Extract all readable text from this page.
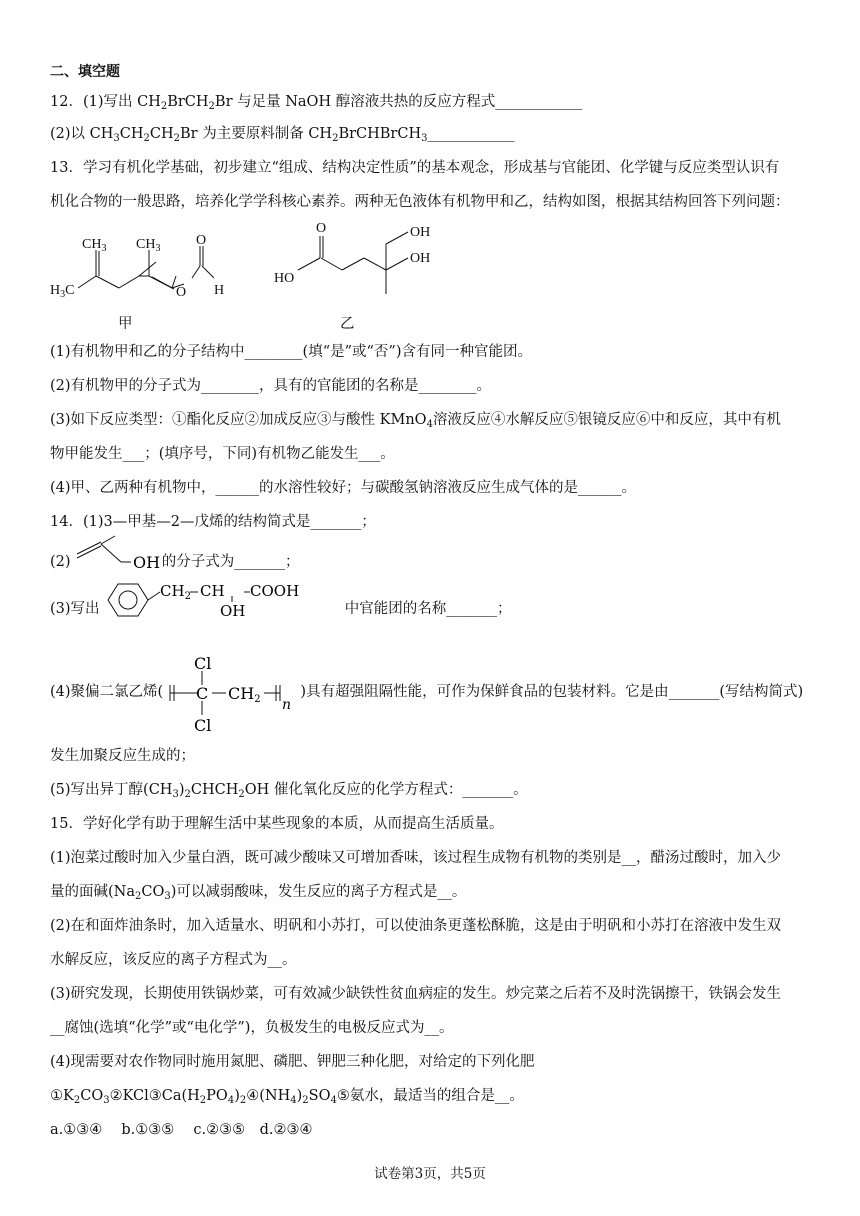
二、填空题
12．(1)写出 $CH_2BrCH_2Br$ 与足量 NaOH 醇溶液共热的反应方程式____________
(2)以 $CH_3CH_2CH_2Br$ 为主要原料制备 $CH_2BrCHBrCH_3\_\_\_\_\_\_\_\_\_\_\_\_$
13．学习有机化学基础，初步建立“组成、结构决定性质”的基本观念，形成基与官能团、化学键与反应类型认识有
机化合物的一般思路，培养化学学科核心素养。两种无色液体有机物甲和乙，结构如图，根据其结构回答下列问题：
$CH_3$ $CH_3$
$H_3C$	O
O
H
甲
O
HO
OH
OH
乙
(1)有机物甲和乙的分子结构中________(填“是”或“否”)含有同一种官能团。
(2)有机物甲的分子式为________，具有的官能团的名称是________。
(3)如下反应类型：①酯化反应②加成反应③与酸性 KMnO$_4$溶液反应④水解反应⑤银镜反应⑥中和反应，其中有机
物甲能发生___；(填序号，下同)有机物乙能发生___。
(4)甲、乙两种有机物中，______的水溶性较好；与碳酸氢钠溶液反应生成气体的是______。
14．(1)3—甲基—2—戊烯的结构简式是_______；
(2)	OH 的分子式为_______；
(3)写出
$CH_2$ CH COOH
OH	中官能团的名称_______；
(4)聚偏二氯乙烯(
Cl
C CH2 n
Cl
)具有超强阻隔性能，可作为保鲜食品的包装材料。它是由_______(写结构简式)
发生加聚反应生成的；
(5)写出异丁醇$(CH_3)_2CHCH_2OH$ 催化氧化反应的化学方程式：_______。
15．学好化学有助于理解生活中某些现象的本质，从而提高生活质量。
(1)泡菜过酸时加入少量白酒，既可减少酸味又可增加香味，该过程生成物有机物的类别是__，醋汤过酸时，加入少
量的面碱$(Na_2CO_3)$可以减弱酸味，发生反应的离子方程式是__。
(2)在和面炸油条时，加入适量水、明矾和小苏打，可以使油条更蓬松酥脆，这是由于明矾和小苏打在溶液中发生双
水解反应，该反应的离子方程式为__。
(3)研究发现，长期使用铁锅炒菜，可有效减少缺铁性贫血病症的发生。炒完菜之后若不及时洗锅擦干，铁锅会发生
__腐蚀(选填“化学”或“电化学”)，负极发生的电极反应式为__。
(4)现需要对农作物同时施用氮肥、磷肥、钾肥三种化肥，对给定的下列化肥
$①K_2CO_3②KCl③Ca(H_2PO_4)_2④(NH_4)_2SO_4⑤$氨水，最适当的组合是__。
a.①③④　 b.①③⑤　 c.②③⑤　d.②③④
试卷第3页，共5页
